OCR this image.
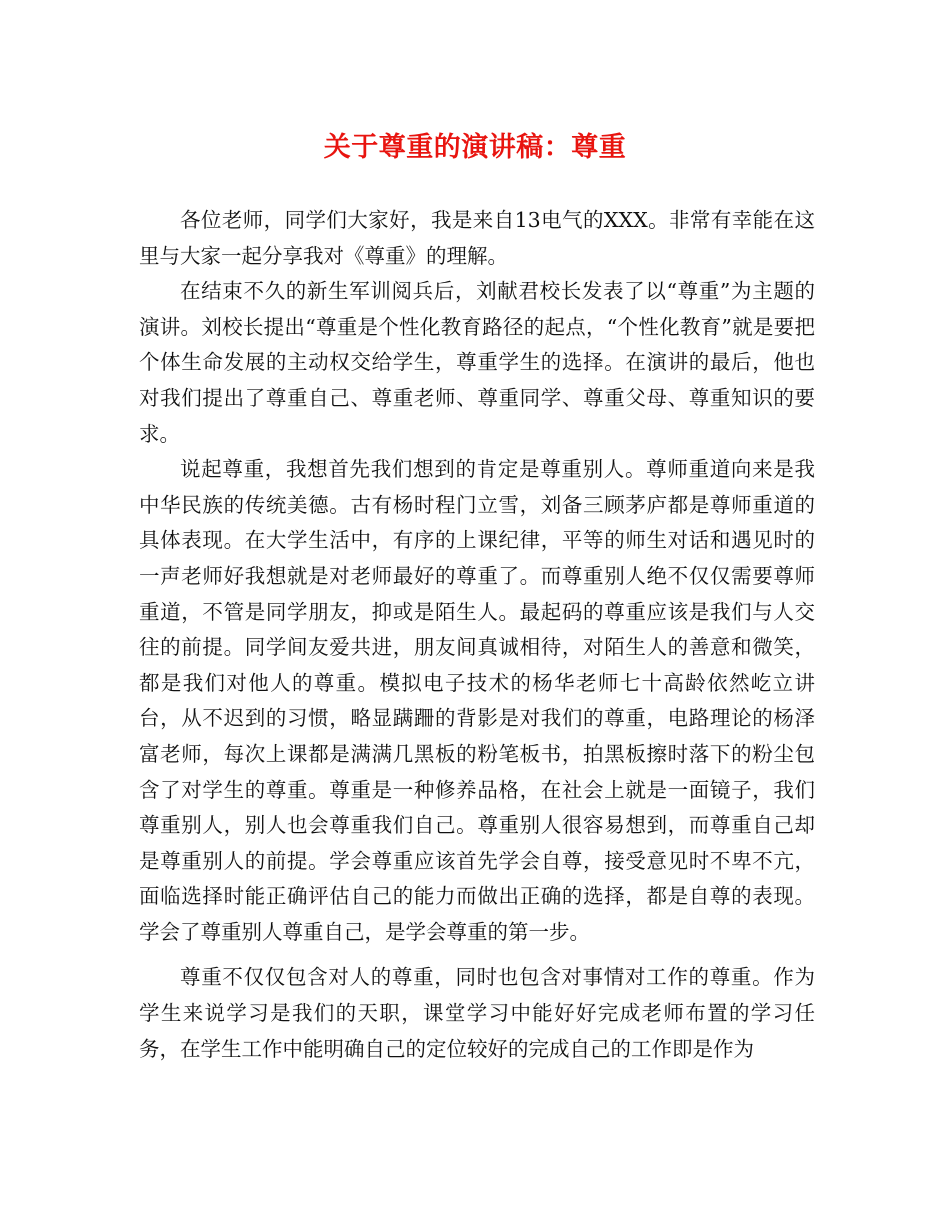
关于尊重的演讲稿：尊重

各位老师，同学们大家好，我是来自13电气的XXX。非常有幸能在这里与大家一起分享我对《尊重》的理解。

在结束不久的新生军训阅兵后，刘献君校长发表了以“尊重”为主题的演讲。刘校长提出“尊重是个性化教育路径的起点，“个性化教育”就是要把个体生命发展的主动权交给学生，尊重学生的选择。在演讲的最后，他也对我们提出了尊重自己、尊重老师、尊重同学、尊重父母、尊重知识的要求。

说起尊重，我想首先我们想到的肯定是尊重别人。尊师重道向来是我中华民族的传统美德。古有杨时程门立雪，刘备三顾茅庐都是尊师重道的具体表现。在大学生活中，有序的上课纪律，平等的师生对话和遇见时的一声老师好我想就是对老师最好的尊重了。而尊重别人绝不仅仅需要尊师重道，不管是同学朋友，抑或是陌生人。最起码的尊重应该是我们与人交往的前提。同学间友爱共进，朋友间真诚相待，对陌生人的善意和微笑，都是我们对他人的尊重。模拟电子技术的杨华老师七十高龄依然屹立讲台，从不迟到的习惯，略显蹒跚的背影是对我们的尊重，电路理论的杨泽富老师，每次上课都是满满几黑板的粉笔板书，拍黑板擦时落下的粉尘包含了对学生的尊重。尊重是一种修养品格，在社会上就是一面镜子，我们尊重别人，别人也会尊重我们自己。尊重别人很容易想到，而尊重自己却是尊重别人的前提。学会尊重应该首先学会自尊，接受意见时不卑不亢，面临选择时能正确评估自己的能力而做出正确的选择，都是自尊的表现。学会了尊重别人尊重自己，是学会尊重的第一步。

尊重不仅仅包含对人的尊重，同时也包含对事情对工作的尊重。作为学生来说学习是我们的天职，课堂学习中能好好完成老师布置的学习任务，在学生工作中能明确自己的定位较好的完成自己的工作即是作为
